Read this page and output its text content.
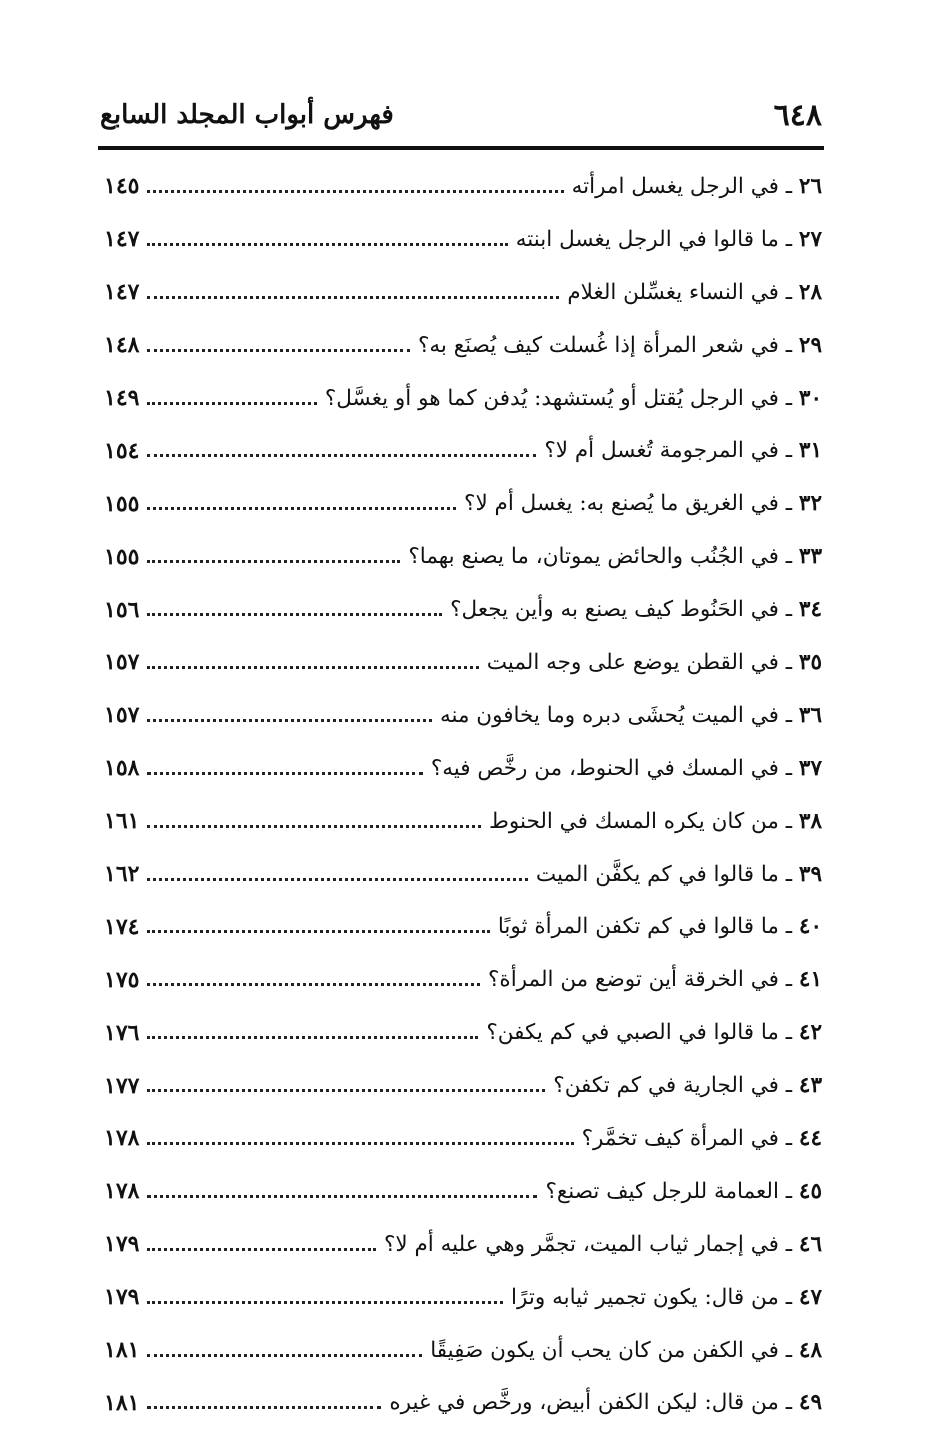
٦٤٨
فهرس أبواب المجلد السابع
٢٦ ـ في الرجل يغسل امرأته
١٤٥
٢٧ ـ ما قالوا في الرجل يغسل ابنته
١٤٧
٢٨ ـ في النساء يغسِّلن الغلام
١٤٧
٢٩ ـ في شعر المرأة إذا غُسلت كيف يُصنَع به؟
١٤٨
٣٠ ـ في الرجل يُقتل أو يُستشهد: يُدفن كما هو أو يغسَّل؟
١٤٩
٣١ ـ في المرجومة تُغسل أم لا؟
١٥٤
٣٢ ـ في الغريق ما يُصنع به: يغسل أم لا؟
١٥٥
٣٣ ـ في الجُنُب والحائض يموتان، ما يصنع بهما؟
١٥٥
٣٤ ـ في الحَنُوط كيف يصنع به وأين يجعل؟
١٥٦
٣٥ ـ في القطن يوضع على وجه الميت
١٥٧
٣٦ ـ في الميت يُحشَى دبره وما يخافون منه
١٥٧
٣٧ ـ في المسك في الحنوط، من رخَّص فيه؟
١٥٨
٣٨ ـ من كان يكره المسك في الحنوط
١٦١
٣٩ ـ ما قالوا في كم يكفَّن الميت
١٦٢
٤٠ ـ ما قالوا في كم تكفن المرأة ثوبًا
١٧٤
٤١ ـ في الخرقة أين توضع من المرأة؟
١٧٥
٤٢ ـ ما قالوا في الصبي في كم يكفن؟
١٧٦
٤٣ ـ في الجارية في كم تكفن؟
١٧٧
٤٤ ـ في المرأة كيف تخمَّر؟
١٧٨
٤٥ ـ العمامة للرجل كيف تصنع؟
١٧٨
٤٦ ـ في إجمار ثياب الميت، تجمَّر وهي عليه أم لا؟
١٧٩
٤٧ ـ من قال: يكون تجمير ثيابه وترًا
١٧٩
٤٨ ـ في الكفن من كان يحب أن يكون صَفِيقًا
١٨١
٤٩ ـ من قال: ليكن الكفن أبيض، ورخَّص في غيره
١٨١
